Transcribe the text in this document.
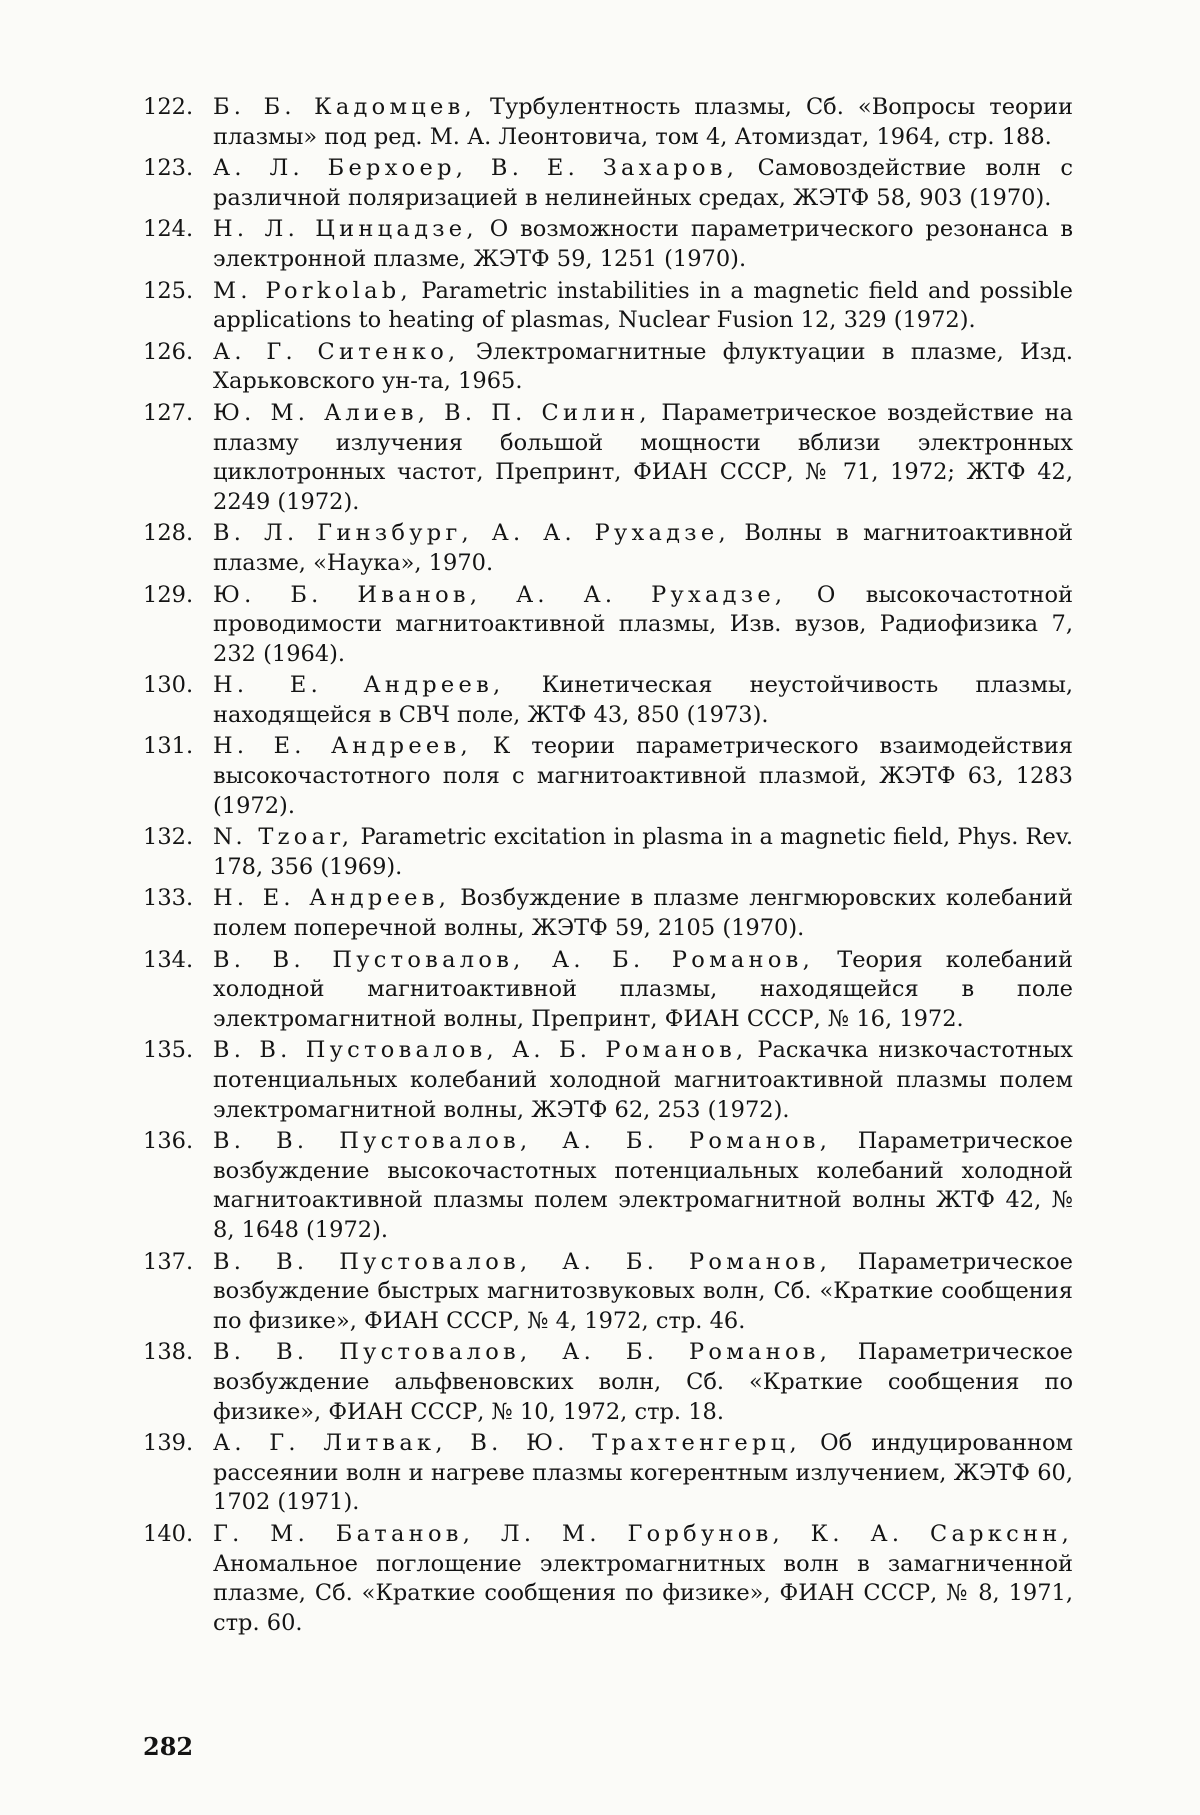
122. Б. Б. Кадомцев, Турбулентность плазмы, Сб. «Вопросы теории плазмы» под ред. М. А. Леонтовича, том 4, Атомиздат, 1964, стр. 188.
123. А. Л. Берхоер, В. Е. Захаров, Самовоздействие волн с различной поляризацией в нелинейных средах, ЖЭТФ 58, 903 (1970).
124. Н. Л. Цинцадзе, О возможности параметрического резонанса в электронной плазме, ЖЭТФ 59, 1251 (1970).
125. M. Porkolab, Parametric instabilities in a magnetic field and possible applications to heating of plasmas, Nuclear Fusion 12, 329 (1972).
126. А. Г. Ситенко, Электромагнитные флуктуации в плазме, Изд. Харьковского ун-та, 1965.
127. Ю. М. Алиев, В. П. Силин, Параметрическое воздействие на плазму излучения большой мощности вблизи электронных циклотронных частот, Препринт, ФИАН СССР, № 71, 1972; ЖТФ 42, 2249 (1972).
128. В. Л. Гинзбург, А. А. Рухадзе, Волны в магнитоактивной плазме, «Наука», 1970.
129. Ю. Б. Иванов, А. А. Рухадзе, О высокочастотной проводимости магнитоактивной плазмы, Изв. вузов, Радиофизика 7, 232 (1964).
130. Н. Е. Андреев, Кинетическая неустойчивость плазмы, находящейся в СВЧ поле, ЖТФ 43, 850 (1973).
131. Н. Е. Андреев, К теории параметрического взаимодействия высокочастотного поля с магнитоактивной плазмой, ЖЭТФ 63, 1283 (1972).
132. N. Tzoar, Parametric excitation in plasma in a magnetic field, Phys. Rev. 178, 356 (1969).
133. Н. Е. Андреев, Возбуждение в плазме ленгмюровских колебаний полем поперечной волны, ЖЭТФ 59, 2105 (1970).
134. В. В. Пустовалов, А. Б. Романов, Теория колебаний холодной магнитоактивной плазмы, находящейся в поле электромагнитной волны, Препринт, ФИАН СССР, № 16, 1972.
135. В. В. Пустовалов, А. Б. Романов, Раскачка низкочастотных потенциальных колебаний холодной магнитоактивной плазмы полем электромагнитной волны, ЖЭТФ 62, 253 (1972).
136. В. В. Пустовалов, А. Б. Романов, Параметрическое возбуждение высокочастотных потенциальных колебаний холодной магнитоактивной плазмы полем электромагнитной волны ЖТФ 42, № 8, 1648 (1972).
137. В. В. Пустовалов, А. Б. Романов, Параметрическое возбуждение быстрых магнитозвуковых волн, Сб. «Краткие сообщения по физике», ФИАН СССР, № 4, 1972, стр. 46.
138. В. В. Пустовалов, А. Б. Романов, Параметрическое возбуждение альфвеновских волн, Сб. «Краткие сообщения по физике», ФИАН СССР, № 10, 1972, стр. 18.
139. А. Г. Литвак, В. Ю. Трахтенгерц, Об индуцированном рассеянии волн и нагреве плазмы когерентным излучением, ЖЭТФ 60, 1702 (1971).
140. Г. М. Батанов, Л. М. Горбунов, К. А. Саркснн, Аномальное поглощение электромагнитных волн в замагниченной плазме, Сб. «Краткие сообщения по физике», ФИАН СССР, № 8, 1971, стр. 60.
282
